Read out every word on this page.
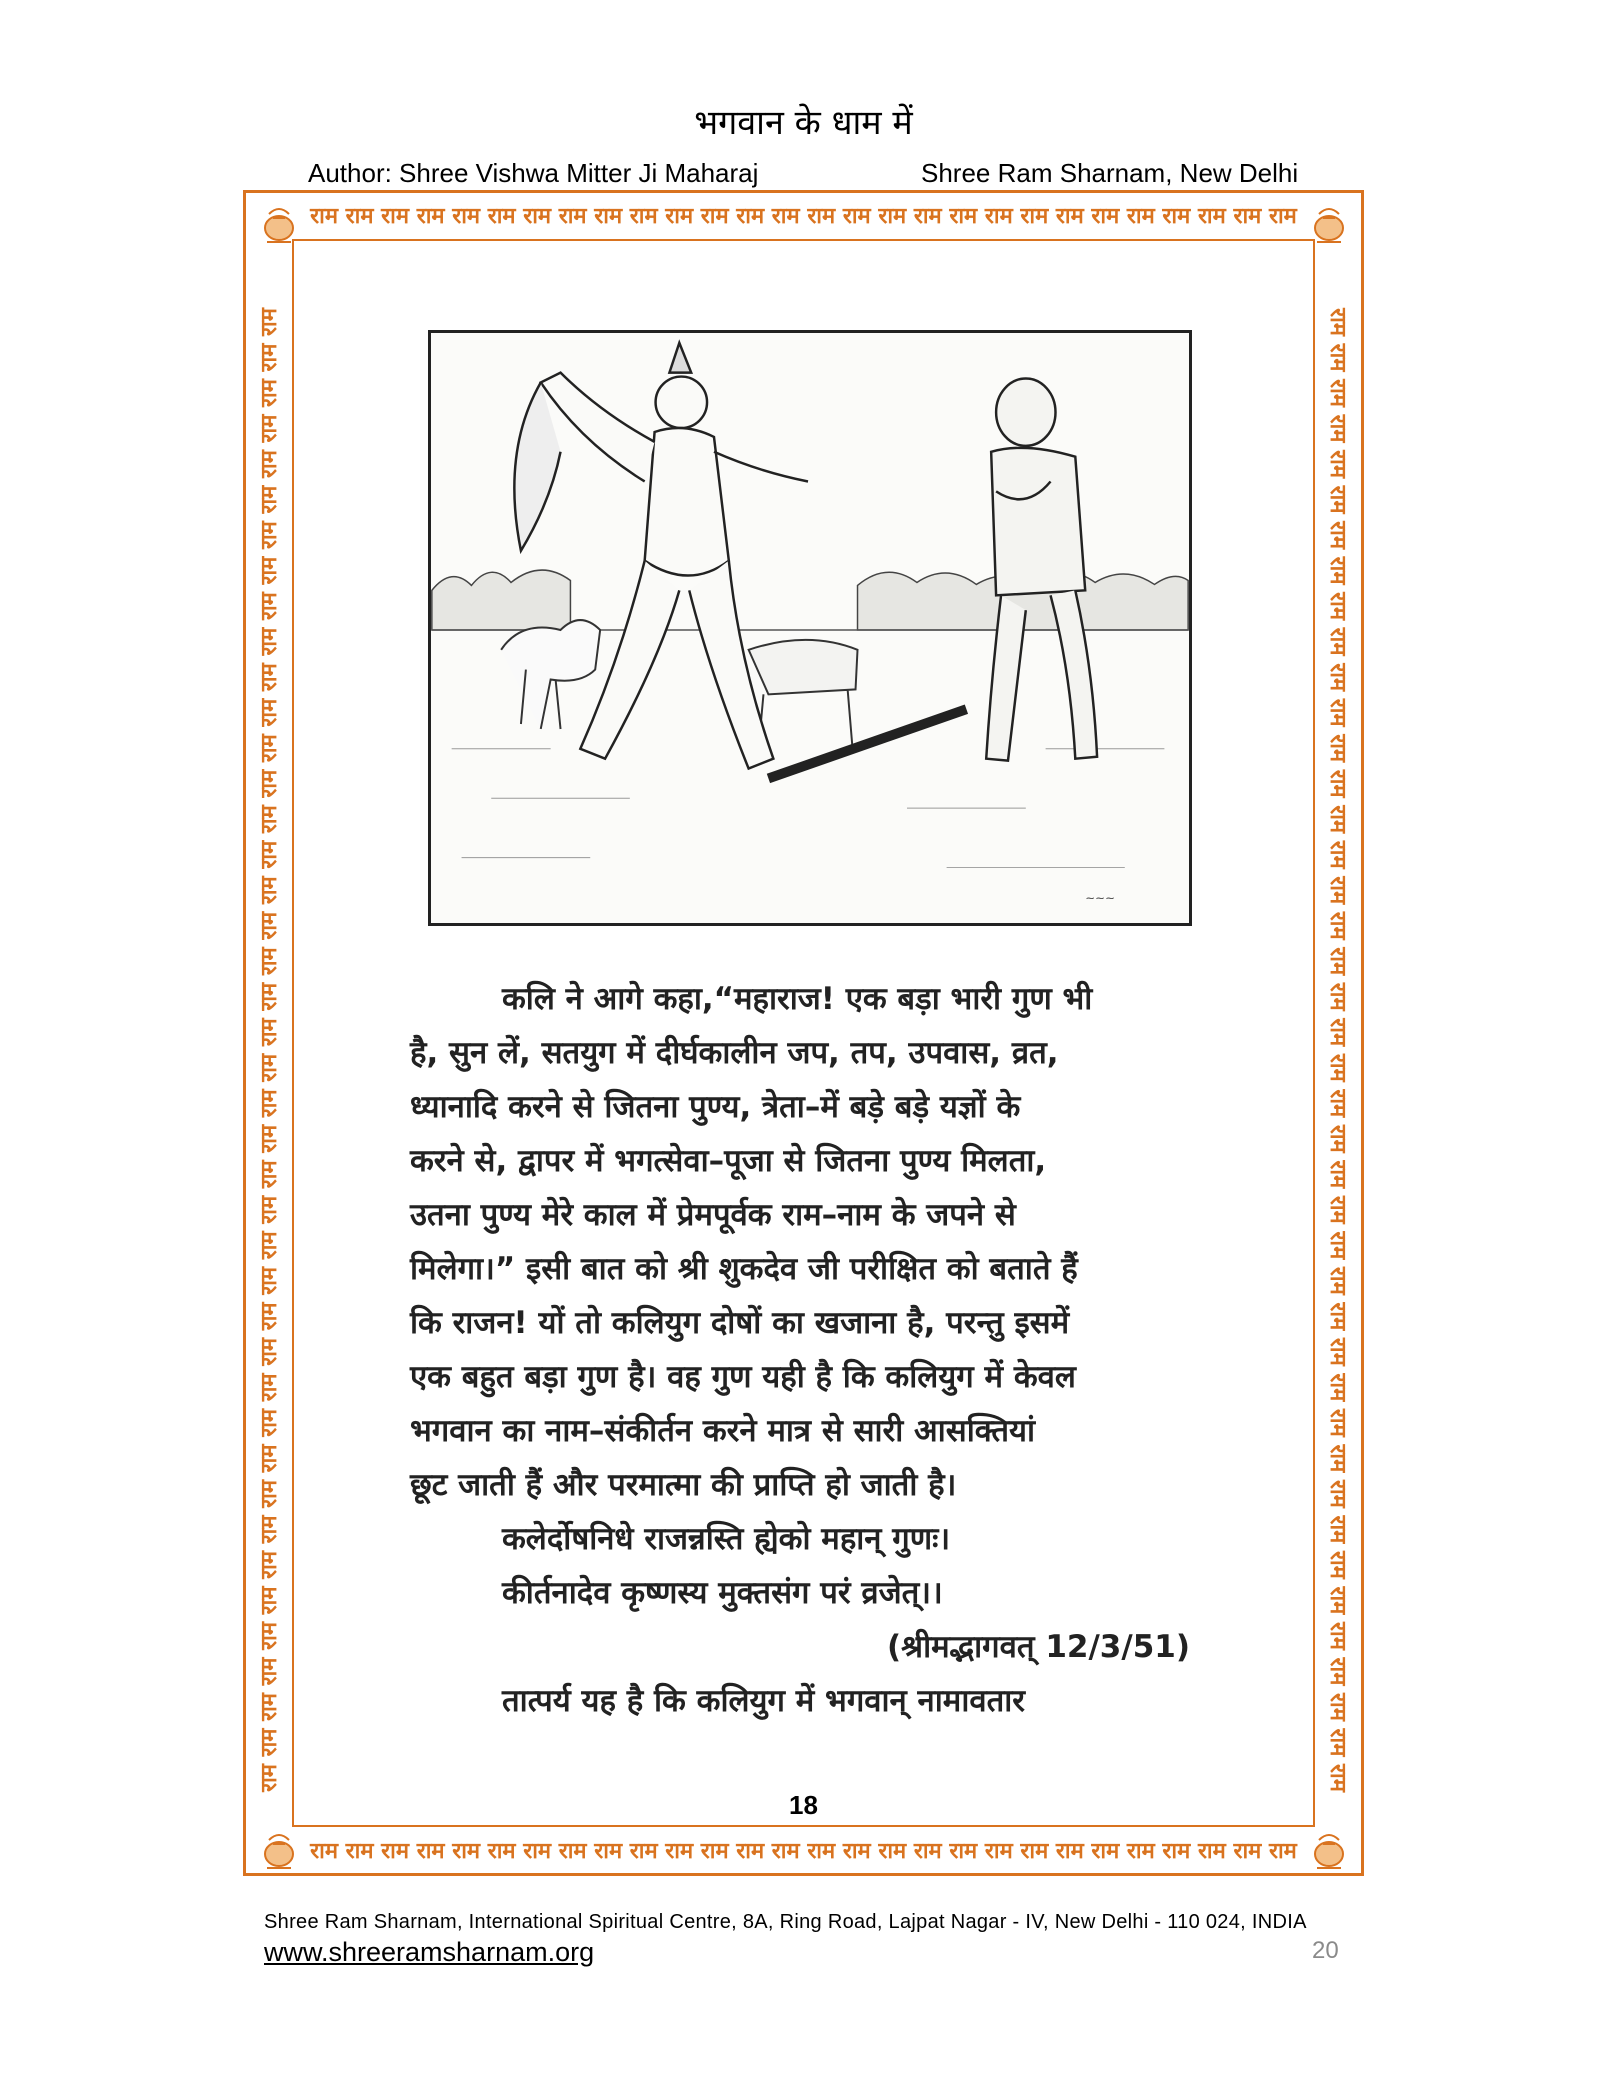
भगवान के धाम में
Author: Shree Vishwa Mitter Ji Maharaj	Shree Ram Sharnam, New Delhi
राम राम राम राम राम राम राम राम राम राम राम राम राम राम राम राम राम राम राम राम राम राम राम राम राम राम राम राम
राम राम राम राम राम राम राम राम राम राम राम राम राम राम राम राम राम राम राम राम राम राम राम राम राम राम राम राम
राम राम राम राम राम राम राम राम राम राम राम राम राम राम राम राम राम राम राम राम राम राम राम राम राम राम राम राम राम राम राम राम राम राम राम राम राम राम राम राम राम राम	राम राम राम राम राम राम राम राम राम राम राम राम राम राम राम राम राम राम राम राम राम राम राम राम राम राम राम राम राम राम राम राम राम राम राम राम राम राम राम राम राम राम
~~~
कलि ने आगे कहा,“महाराज! एक बड़ा भारी गुण भी
है, सुन लें, सतयुग में दीर्घकालीन जप, तप, उपवास, व्रत,
ध्यानादि करने से जितना पुण्य, त्रेता–में बड़े बड़े यज्ञों के
करने से, द्वापर में भगत्सेवा–पूजा से जितना पुण्य मिलता,
उतना पुण्य मेरे काल में प्रेमपूर्वक राम–नाम के जपने से
मिलेगा।” इसी बात को श्री शुकदेव जी परीक्षित को बताते हैं
कि राजन! यों तो कलियुग दोषों का खजाना है, परन्तु इसमें
एक बहुत बड़ा गुण है। वह गुण यही है कि कलियुग में केवल
भगवान का नाम–संकीर्तन करने मात्र से सारी आसक्तियां
छूट जाती हैं और परमात्मा की प्राप्ति हो जाती है।
कलेर्दोषनिधे राजन्नस्ति ह्येको महान् गुणः।
कीर्तनादेव कृष्णस्य मुक्तसंग परं व्रजेत्।।
(श्रीमद्भागवत् 12/3/51)
तात्पर्य यह है कि कलियुग में भगवान् नामावतार
18
Shree Ram Sharnam, International Spiritual Centre, 8A, Ring Road, Lajpat Nagar - IV, New Delhi - 110 024, INDIA
www.shreeramsharnam.org	20
